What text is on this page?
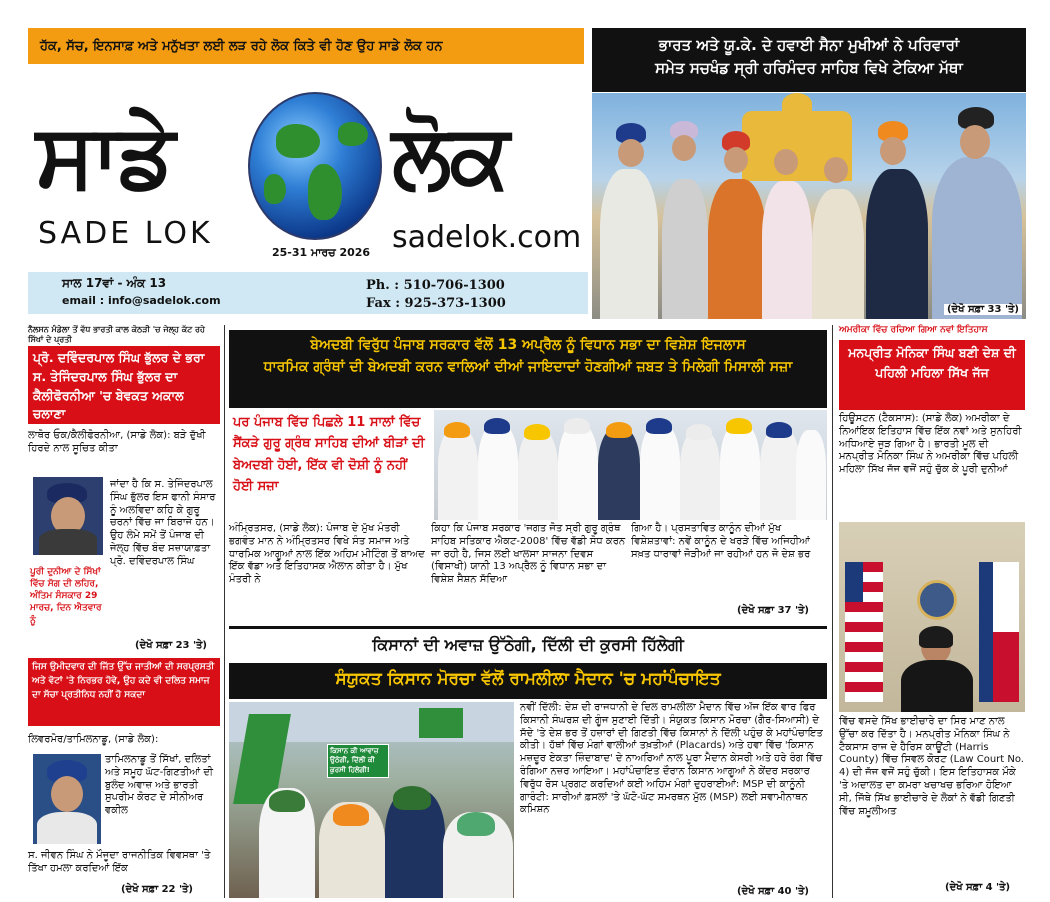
ਹੱਕ, ਸੱਚ, ਇਨਸਾਫ਼ ਅਤੇ ਮਨੁੱਖਤਾ ਲਈ ਲੜ ਰਹੇ ਲੋਕ ਕਿਤੇ ਵੀ ਹੋਣ ਉਹ ਸਾਡੇ ਲੋਕ ਹਨ
ਸਾਡੇ ਲੋਕ
SADE LOK	sadelok.com
25-31 ਮਾਰਚ 2026
ਸਾਲ 17ਵਾਂ - ਅੰਕ 13
email : info@sadelok.com
Ph. : 510-706-1300
Fax : 925-373-1300
ਭਾਰਤ ਅਤੇ ਯੂ.ਕੇ. ਦੇ ਹਵਾਈ ਸੈਨਾ ਮੁਖੀਆਂ ਨੇ ਪਰਿਵਾਰਾਂ
ਸਮੇਤ ਸਚਖੰਡ ਸ੍ਰੀ ਹਰਿਮੰਦਰ ਸਾਹਿਬ ਵਿਖੇ ਟੇਕਿਆ ਮੱਥਾ
(ਦੇਖੋ ਸਫ਼ਾ 33 'ਤੇ)
ਨੈਲਸਨ ਮੰਡੇਲਾ ਤੋਂ ਵੱਧ ਭਾਰਤੀ ਕਾਲ ਕੋਠੜੀ 'ਚ ਜੇਲ੍ਹ ਕੱਟ ਰਹੇ ਸਿੱਖਾਂ ਦੇ ਪ੍ਰਤੀ
ਪ੍ਰੋ. ਦਵਿੰਦਰਪਾਲ ਸਿੰਘ ਭੁੱਲਰ ਦੇ ਭਰਾ ਸ. ਤੇਜਿੰਦਰਪਾਲ ਸਿੰਘ ਭੁੱਲਰ ਦਾ ਕੈਲੀਫੋਰਨੀਆ 'ਚ ਬੇਵਕਤ ਅਕਾਲ ਚਲਾਣਾ
ਲਾਥੋਰ ਓਕ/ਕੈਲੀਫੋਰਨੀਆ, (ਸਾਡੇ ਲੋਕ): ਬੜੇ ਦੁੱਖੀ ਹਿਰਦੇ ਨਾਲ ਸੂਚਿਤ ਕੀਤਾ
ਪੂਰੀ ਦੁਨੀਆ ਦੇ ਸਿੱਖਾਂ ਵਿੱਚ ਸੋਗ ਦੀ ਲਹਿਰ, ਅੰਤਿਮ ਸੰਸਕਾਰ 29 ਮਾਰਚ, ਦਿਨ ਐਤਵਾਰ ਨੂੰ
ਜਾਂਦਾ ਹੈ ਕਿ ਸ. ਤੇਜਿੰਦਰਪਾਲ ਸਿੰਘ ਭੁੱਲਰ ਇਸ ਫਾਨੀ ਸੰਸਾਰ ਨੂੰ ਅਲਵਿਦਾ ਕਹਿ ਕੇ ਗੁਰੂ ਚਰਨਾਂ ਵਿੱਚ ਜਾ ਬਿਰਾਜੇ ਹਨ। ਉਹ ਲੰਮੇ ਸਮੇਂ ਤੋਂ ਪੰਜਾਬ ਦੀ ਜੇਲ੍ਹ ਵਿੱਚ ਬੰਦ ਸਜ਼ਾਯਾਫ਼ਤਾ ਪ੍ਰੋ. ਦਵਿੰਦਰਪਾਲ ਸਿੰਘ
(ਦੇਖੋ ਸਫ਼ਾ 23 'ਤੇ)
ਜਿਸ ਉਮੀਦਵਾਰ ਦੀ ਜਿੱਤ ਉੱਚ ਜਾਤੀਆਂ ਦੀ ਸਰਪ੍ਰਸਤੀ ਅਤੇ ਵੋਟਾਂ 'ਤੇ ਨਿਰਭਰ ਹੋਵੇ, ਉਹ ਕਦੇ ਵੀ ਦਲਿਤ ਸਮਾਜ ਦਾ ਸੱਚਾ ਪ੍ਰਤੀਨਿਧ ਨਹੀਂ ਹੋ ਸਕਦਾ
ਲਿਵਰਮੋਰ/ਤਾਮਿਲਨਾਡੂ, (ਸਾਡੇ ਲੋਕ):
ਤਾਮਿਲਨਾਡੂ ਤੋਂ ਸਿੱਖਾਂ, ਦਲਿਤਾਂ ਅਤੇ ਸਮੂਹ ਘੱਟ-ਗਿਣਤੀਆਂ ਦੀ ਬੁਲੰਦ ਅਵਾਜ਼ ਅਤੇ ਭਾਰਤੀ ਸੁਪਰੀਮ ਕੋਰਟ ਦੇ ਸੀਨੀਅਰ ਵਕੀਲ
ਸ. ਜੀਵਨ ਸਿੰਘ ਨੇ ਮੌਜੂਦਾ ਰਾਜਨੀਤਿਕ ਵਿਵਸਥਾ 'ਤੇ ਤਿੱਖਾ ਹਮਲਾ ਕਰਦਿਆਂ ਇੱਕ
(ਦੇਖੋ ਸਫ਼ਾ 22 'ਤੇ)
ਬੇਅਦਬੀ ਵਿਰੁੱਧ ਪੰਜਾਬ ਸਰਕਾਰ ਵੱਲੋਂ 13 ਅਪ੍ਰੈਲ ਨੂੰ ਵਿਧਾਨ ਸਭਾ ਦਾ ਵਿਸ਼ੇਸ਼ ਇਜਲਾਸ
ਧਾਰਮਿਕ ਗ੍ਰੰਥਾਂ ਦੀ ਬੇਅਦਬੀ ਕਰਨ ਵਾਲਿਆਂ ਦੀਆਂ ਜਾਇਦਾਦਾਂ ਹੋਣਗੀਆਂ ਜ਼ਬਤ ਤੇ ਮਿਲੇਗੀ ਮਿਸਾਲੀ ਸਜ਼ਾ
ਪਰ ਪੰਜਾਬ ਵਿੱਚ ਪਿਛਲੇ 11 ਸਾਲਾਂ ਵਿੱਚ ਸੈਂਕੜੇ ਗੁਰੂ ਗ੍ਰੰਥ ਸਾਹਿਬ ਦੀਆਂ ਬੀੜਾਂ ਦੀ ਬੇਅਦਬੀ ਹੋਈ, ਇੱਕ ਵੀ ਦੋਸ਼ੀ ਨੂੰ ਨਹੀਂ ਹੋਈ ਸਜ਼ਾ
ਅੰਮ੍ਰਿਤਸਰ, (ਸਾਡੇ ਲੋਕ): ਪੰਜਾਬ ਦੇ ਮੁੱਖ ਮੰਤਰੀ ਭਗਵੰਤ ਮਾਨ ਨੇ ਅੰਮ੍ਰਿਤਸਰ ਵਿਖੇ ਸੰਤ ਸਮਾਜ ਅਤੇ ਧਾਰਮਿਕ ਆਗੂਆਂ ਨਾਲ ਇੱਕ ਅਹਿਮ ਮੀਟਿੰਗ ਤੋਂ ਬਾਅਦ ਇੱਕ ਵੱਡਾ ਅਤੇ ਇਤਿਹਾਸਕ ਐਲਾਨ ਕੀਤਾ ਹੈ। ਮੁੱਖ ਮੰਤਰੀ ਨੇ
ਕਿਹਾ ਕਿ ਪੰਜਾਬ ਸਰਕਾਰ 'ਜਗਤ ਜੋਤ ਸ੍ਰੀ ਗੁਰੂ ਗ੍ਰੰਥ ਸਾਹਿਬ ਸਤਿਕਾਰ ਐਕਟ-2008' ਵਿੱਚ ਵੱਡੀ ਸੋਧ ਕਰਨ ਜਾ ਰਹੀ ਹੈ, ਜਿਸ ਲਈ ਖਾਲਸਾ ਸਾਜਨਾ ਦਿਵਸ (ਵਿਸਾਖੀ) ਯਾਨੀ 13 ਅਪ੍ਰੈਲ ਨੂੰ ਵਿਧਾਨ ਸਭਾ ਦਾ ਵਿਸ਼ੇਸ਼ ਸੈਸ਼ਨ ਸੱਦਿਆ
ਗਿਆ ਹੈ। ਪ੍ਰਸਤਾਵਿਤ ਕਾਨੂੰਨ ਦੀਆਂ ਮੁੱਖ ਵਿਸ਼ੇਸ਼ਤਾਵਾਂ: ਨਵੇਂ ਕਾਨੂੰਨ ਦੇ ਖਰੜੇ ਵਿੱਚ ਅਜਿਹੀਆਂ ਸਖ਼ਤ ਧਾਰਾਵਾਂ ਜੋੜੀਆਂ ਜਾ ਰਹੀਆਂ ਹਨ ਜੋ ਦੇਸ਼ ਭਰ
(ਦੇਖੋ ਸਫ਼ਾ 37 'ਤੇ)
ਕਿਸਾਨਾਂ ਦੀ ਅਵਾਜ਼ ਉੱਠੇਗੀ, ਦਿੱਲੀ ਦੀ ਕੁਰਸੀ ਹਿੱਲੇਗੀ
ਸੰਯੁਕਤ ਕਿਸਾਨ ਮੋਰਚਾ ਵੱਲੋਂ ਰਾਮਲੀਲਾ ਮੈਦਾਨ 'ਚ ਮਹਾਂਪੰਚਾਇਤ
ਕਿਸਾਨ ਕੀ ਆਵਾਜ਼ ਉਠੇਗੀ, ਦਿੱਲੀ ਕੀ ਕੁਰਸੀ ਹਿਲੇਗੀ!
ਨਵੀਂ ਦਿੱਲੀ: ਦੇਸ਼ ਦੀ ਰਾਜਧਾਨੀ ਦੇ ਦਿਲ ਰਾਮਲੀਲਾ ਮੈਦਾਨ ਵਿੱਚ ਅੱਜ ਇੱਕ ਵਾਰ ਫਿਰ ਕਿਸਾਨੀ ਸੰਘਰਸ਼ ਦੀ ਗੂੰਜ ਸੁਣਾਈ ਦਿੱਤੀ। ਸੰਯੁਕਤ ਕਿਸਾਨ ਮੋਰਚਾ (ਗੈਰ-ਸਿਆਸੀ) ਦੇ ਸੱਦੇ 'ਤੇ ਦੇਸ਼ ਭਰ ਤੋਂ ਹਜ਼ਾਰਾਂ ਦੀ ਗਿਣਤੀ ਵਿੱਚ ਕਿਸਾਨਾਂ ਨੇ ਦਿੱਲੀ ਪਹੁੰਚ ਕੇ ਮਹਾਂਪੰਚਾਇਤ ਕੀਤੀ। ਹੱਥਾਂ ਵਿੱਚ ਮੰਗਾਂ ਵਾਲੀਆਂ ਤਖ਼ਤੀਆਂ (Placards) ਅਤੇ ਹਵਾ ਵਿੱਚ 'ਕਿਸਾਨ ਮਜ਼ਦੂਰ ਏਕਤਾ ਜ਼ਿੰਦਾਬਾਦ' ਦੇ ਨਾਅਰਿਆਂ ਨਾਲ ਪੂਰਾ ਮੈਦਾਨ ਕੇਸਰੀ ਅਤੇ ਹਰੇ ਰੰਗ ਵਿੱਚ ਰੰਗਿਆ ਨਜ਼ਰ ਆਇਆ। ਮਹਾਂਪੰਚਾਇਤ ਦੌਰਾਨ ਕਿਸਾਨ ਆਗੂਆਂ ਨੇ ਕੇਂਦਰ ਸਰਕਾਰ ਵਿਰੁੱਧ ਰੋਸ ਪ੍ਰਗਟ ਕਰਦਿਆਂ ਕਈ ਅਹਿਮ ਮੰਗਾਂ ਦੁਹਰਾਈਆਂ: MSP ਦੀ ਕਾਨੂੰਨੀ ਗਾਰੰਟੀ: ਸਾਰੀਆਂ ਫ਼ਸਲਾਂ 'ਤੇ ਘੱਟੋ-ਘੱਟ ਸਮਰਥਨ ਮੁੱਲ (MSP) ਲਈ ਸਵਾਮੀਨਾਥਨ ਕਮਿਸ਼ਨ
(ਦੇਖੋ ਸਫ਼ਾ 40 'ਤੇ)
ਅਮਰੀਕਾ ਵਿੱਚ ਰਚਿਆ ਗਿਆ ਨਵਾਂ ਇਤਿਹਾਸ
ਮਨਪ੍ਰੀਤ ਮੋਨਿਕਾ ਸਿੰਘ ਬਣੀ ਦੇਸ਼ ਦੀ ਪਹਿਲੀ ਮਹਿਲਾ ਸਿੱਖ ਜੱਜ
ਹਿਊਸਟਨ (ਟੈਕਸਾਸ): (ਸਾਡੇ ਲੋਕ) ਅਮਰੀਕਾ ਦੇ ਨਿਆਂਇਕ ਇਤਿਹਾਸ ਵਿੱਚ ਇੱਕ ਨਵਾਂ ਅਤੇ ਸੁਨਹਿਰੀ ਅਧਿਆਏ ਜੁੜ ਗਿਆ ਹੈ। ਭਾਰਤੀ ਮੂਲ ਦੀ ਮਨਪ੍ਰੀਤ ਮੋਨਿਕਾ ਸਿੰਘ ਨੇ ਅਮਰੀਕਾ ਵਿੱਚ ਪਹਿਲੀ ਮਹਿਲਾ ਸਿੱਖ ਜੱਜ ਵਜੋਂ ਸਹੁੰ ਚੁੱਕ ਕੇ ਪੂਰੀ ਦੁਨੀਆਂ
ਵਿੱਚ ਵਸਦੇ ਸਿੱਖ ਭਾਈਚਾਰੇ ਦਾ ਸਿਰ ਮਾਣ ਨਾਲ ਉੱਚਾ ਕਰ ਦਿੱਤਾ ਹੈ। ਮਨਪ੍ਰੀਤ ਮੋਨਿਕਾ ਸਿੰਘ ਨੇ ਟੈਕਸਾਸ ਰਾਜ ਦੇ ਹੈਰਿਸ ਕਾਊਂਟੀ (Harris County) ਵਿੱਚ ਸਿਵਲ ਕੋਰਟ (Law Court No. 4) ਦੀ ਜੱਜ ਵਜੋਂ ਸਹੁੰ ਚੁੱਕੀ। ਇਸ ਇਤਿਹਾਸਕ ਮੌਕੇ 'ਤੇ ਅਦਾਲਤ ਦਾ ਕਮਰਾ ਖਚਾਖਚ ਭਰਿਆ ਹੋਇਆ ਸੀ, ਜਿੱਥੇ ਸਿੱਖ ਭਾਈਚਾਰੇ ਦੇ ਲੋਕਾਂ ਨੇ ਵੱਡੀ ਗਿਣਤੀ ਵਿੱਚ ਸ਼ਮੂਲੀਅਤ
(ਦੇਖੋ ਸਫ਼ਾ 4 'ਤੇ)
